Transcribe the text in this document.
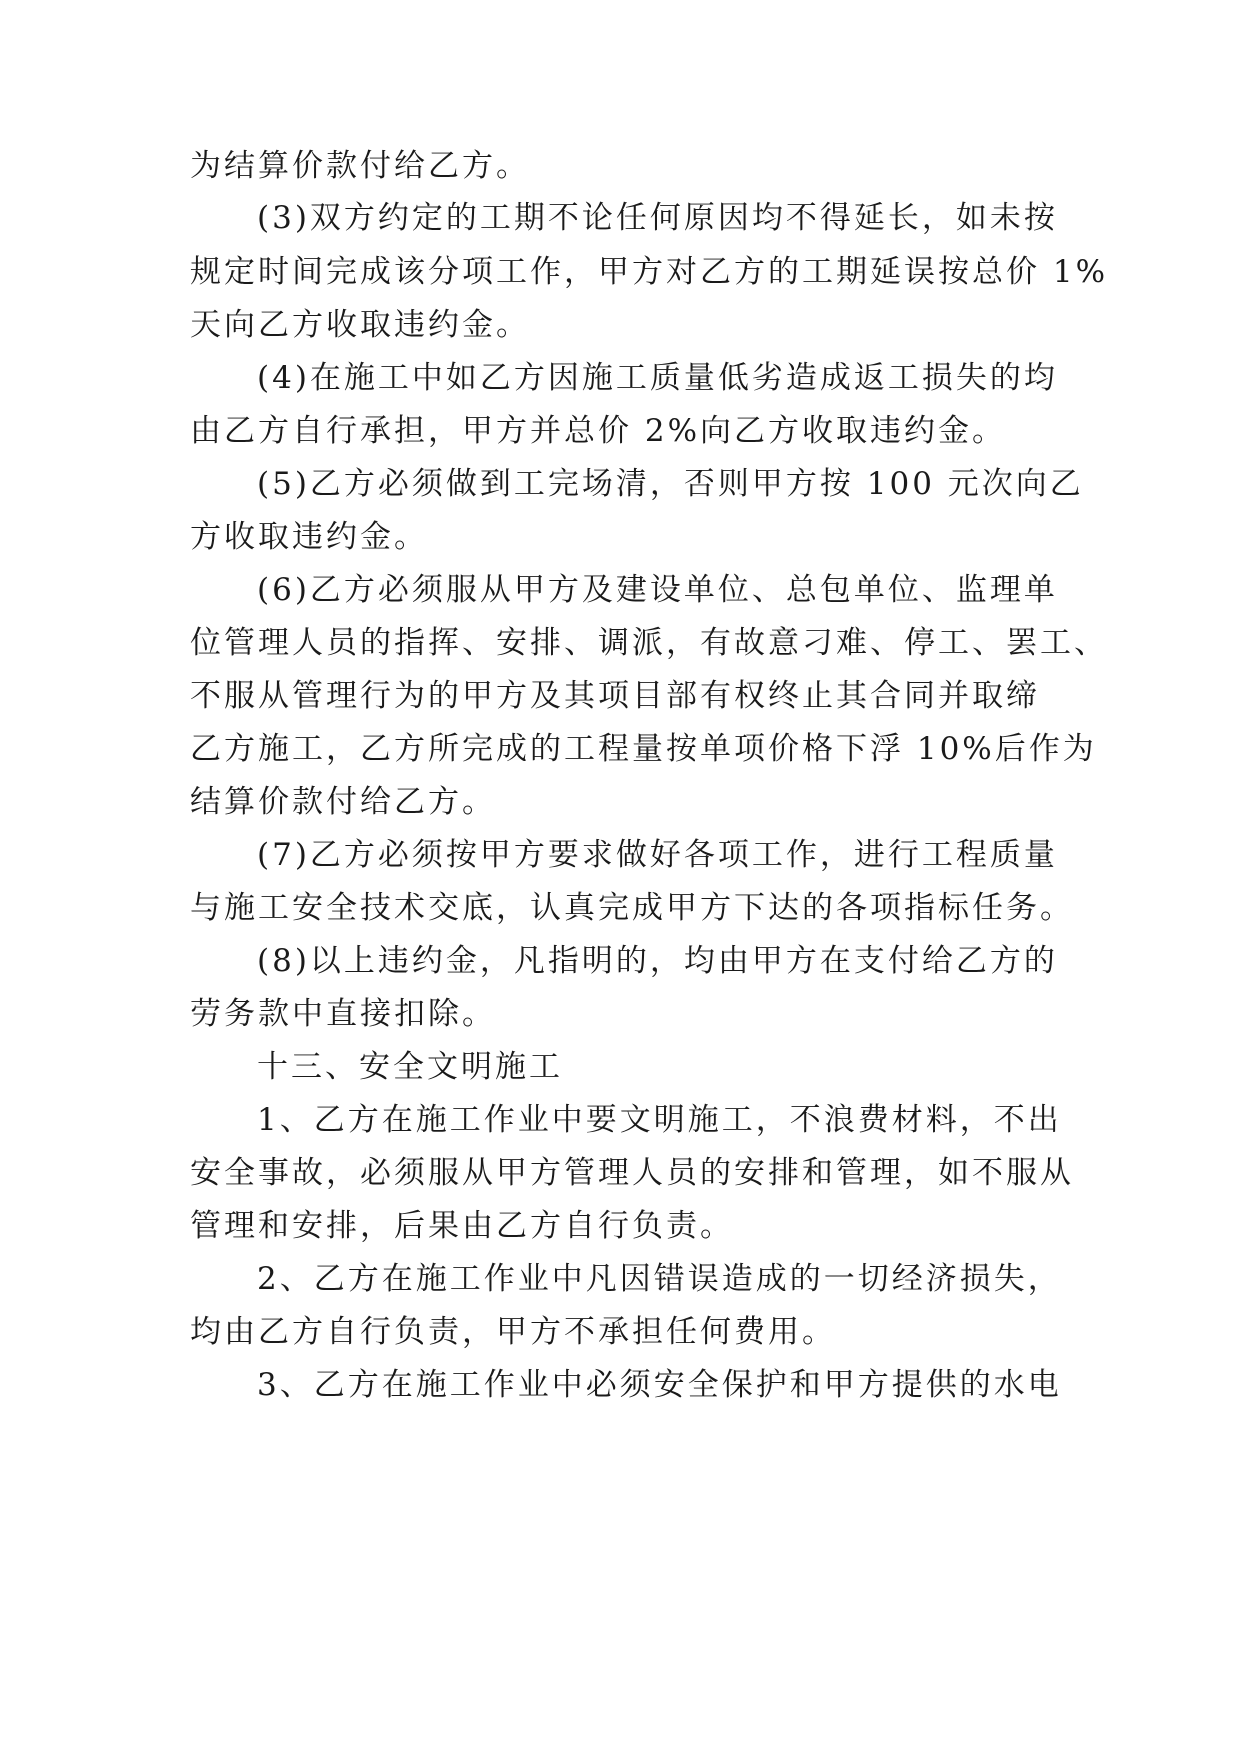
为结算价款付给乙方。
(3)双方约定的工期不论任何原因均不得延长，如未按
规定时间完成该分项工作，甲方对乙方的工期延误按总价 1%
天向乙方收取违约金。
(4)在施工中如乙方因施工质量低劣造成返工损失的均
由乙方自行承担，甲方并总价 2%向乙方收取违约金。
(5)乙方必须做到工完场清，否则甲方按 100 元次向乙
方收取违约金。
(6)乙方必须服从甲方及建设单位、总包单位、监理单
位管理人员的指挥、安排、调派，有故意刁难、停工、罢工、
不服从管理行为的甲方及其项目部有权终止其合同并取缔
乙方施工，乙方所完成的工程量按单项价格下浮 10%后作为
结算价款付给乙方。
(7)乙方必须按甲方要求做好各项工作，进行工程质量
与施工安全技术交底，认真完成甲方下达的各项指标任务。
(8)以上违约金，凡指明的，均由甲方在支付给乙方的
劳务款中直接扣除。
十三、安全文明施工
1、乙方在施工作业中要文明施工，不浪费材料，不出
安全事故，必须服从甲方管理人员的安排和管理，如不服从
管理和安排，后果由乙方自行负责。
2、乙方在施工作业中凡因错误造成的一切经济损失，
均由乙方自行负责，甲方不承担任何费用。
3、乙方在施工作业中必须安全保护和甲方提供的水电
